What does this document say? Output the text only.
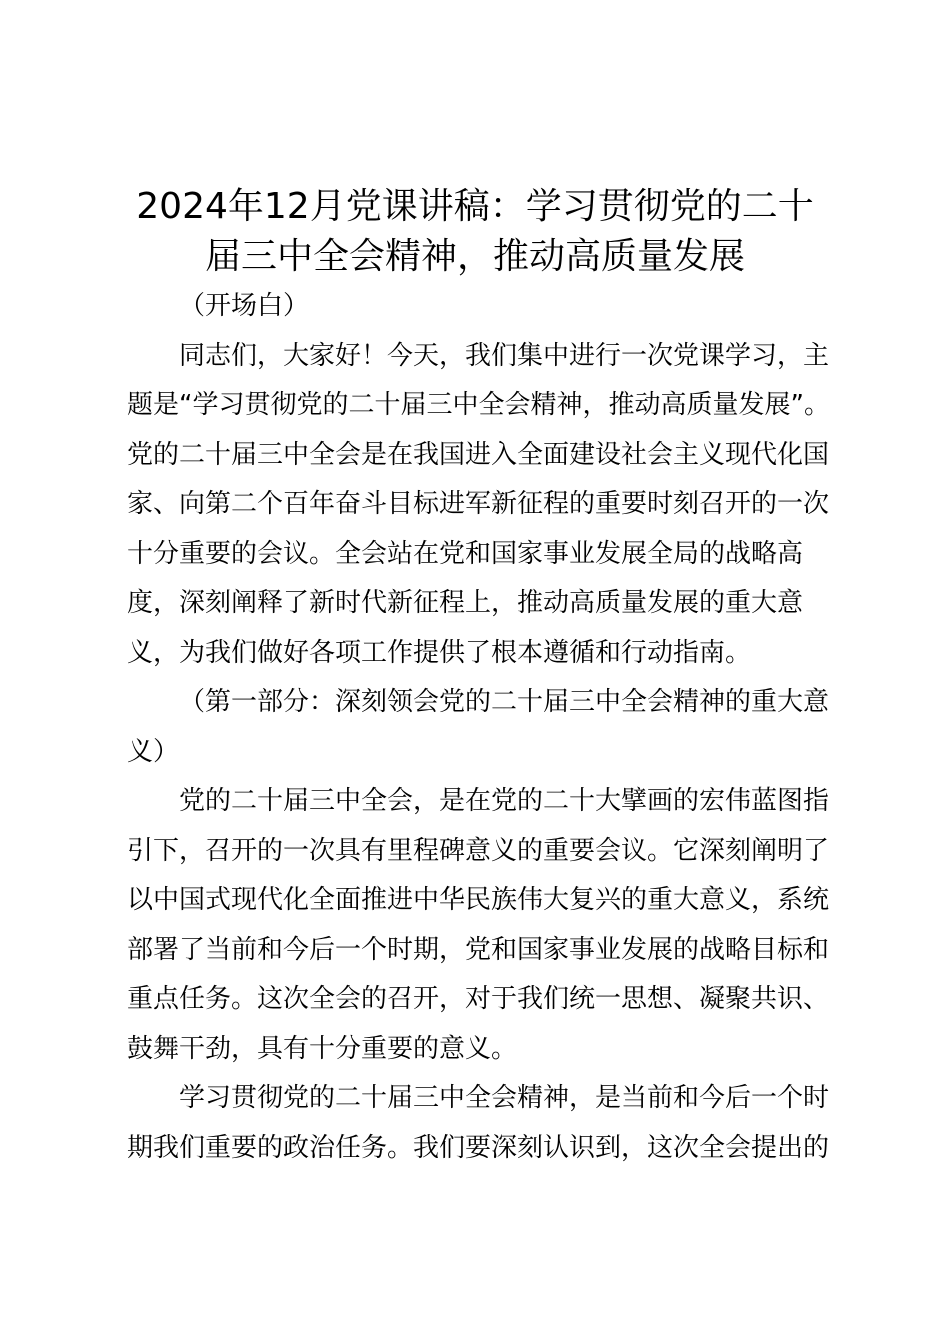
2024年12月党课讲稿：学习贯彻党的二十
届三中全会精神，推动高质量发展

（开场白）

同志们，大家好！今天，我们集中进行一次党课学习，主题是“学习贯彻党的二十届三中全会精神，推动高质量发展”。党的二十届三中全会是在我国进入全面建设社会主义现代化国家、向第二个百年奋斗目标进军新征程的重要时刻召开的一次十分重要的会议。全会站在党和国家事业发展全局的战略高度，深刻阐释了新时代新征程上，推动高质量发展的重大意义，为我们做好各项工作提供了根本遵循和行动指南。

（第一部分：深刻领会党的二十届三中全会精神的重大意义）

党的二十届三中全会，是在党的二十大擘画的宏伟蓝图指引下，召开的一次具有里程碑意义的重要会议。它深刻阐明了以中国式现代化全面推进中华民族伟大复兴的重大意义，系统部署了当前和今后一个时期，党和国家事业发展的战略目标和重点任务。这次全会的召开，对于我们统一思想、凝聚共识、鼓舞干劲，具有十分重要的意义。

学习贯彻党的二十届三中全会精神，是当前和今后一个时期我们重要的政治任务。我们要深刻认识到，这次全会提出的
